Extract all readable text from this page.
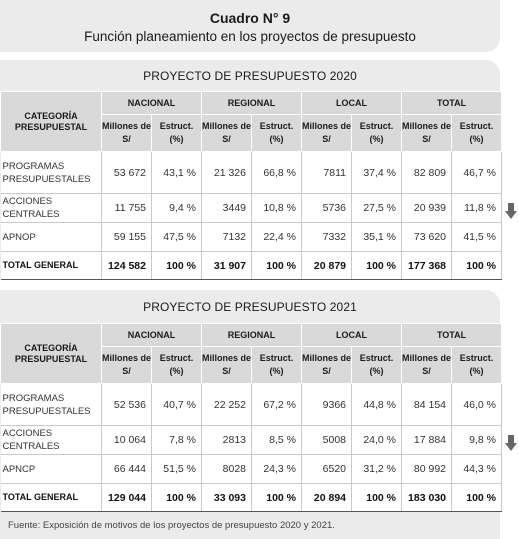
Cuadro N° 9
Función planeamiento en los proyectos de presupuesto
PROYECTO DE PRESUPUESTO 2020
PROYECTO DE PRESUPUESTO 2021
CATEGORÍA PRESUPUESTAL	NACIONAL		REGIONAL		LOCAL		TOTAL	
	Millones de S/	Estruct. (%)	Millones de S/	Estruct. (%)	Millones de S/	Estruct. (%)	Millones de S/	Estruct. (%)
PROGRAMAS PRESUPUESTALES	53 672	43,1 %	21 326	66,8 %	7811	37,4 %	82 809	46,7 %
ACCIONES CENTRALES	11 755	9,4 %	3449	10,8 %	5736	27,5 %	20 939	11,8 %
APNOP	59 155	47,5 %	7132	22,4 %	7332	35,1 %	73 620	41,5 %
TOTAL GENERAL	124 582	100 %	31 907	100 %	20 879	100 %	177 368	100 %
CATEGORÍA PRESUPUESTAL	NACIONAL		REGIONAL		LOCAL		TOTAL	
	Millones de S/	Estruct. (%)	Millones de S/	Estruct. (%)	Millones de S/	Estruct. (%)	Millones de S/	Estruct. (%)
PROGRAMAS PRESUPUESTALES	52 536	40,7 %	22 252	67,2 %	9366	44,8 %	84 154	46,0 %
ACCIONES CENTRALES	10 064	7,8 %	2813	8,5 %	5008	24,0 %	17 884	9,8 %
APNCP	66 444	51,5 %	8028	24,3 %	6520	31,2 %	80 992	44,3 %
TOTAL GENERAL	129 044	100 %	33 093	100 %	20 894	100 %	183 030	100 %
Fuente: Exposición de motivos de los proyectos de presupuesto 2020 y 2021.
